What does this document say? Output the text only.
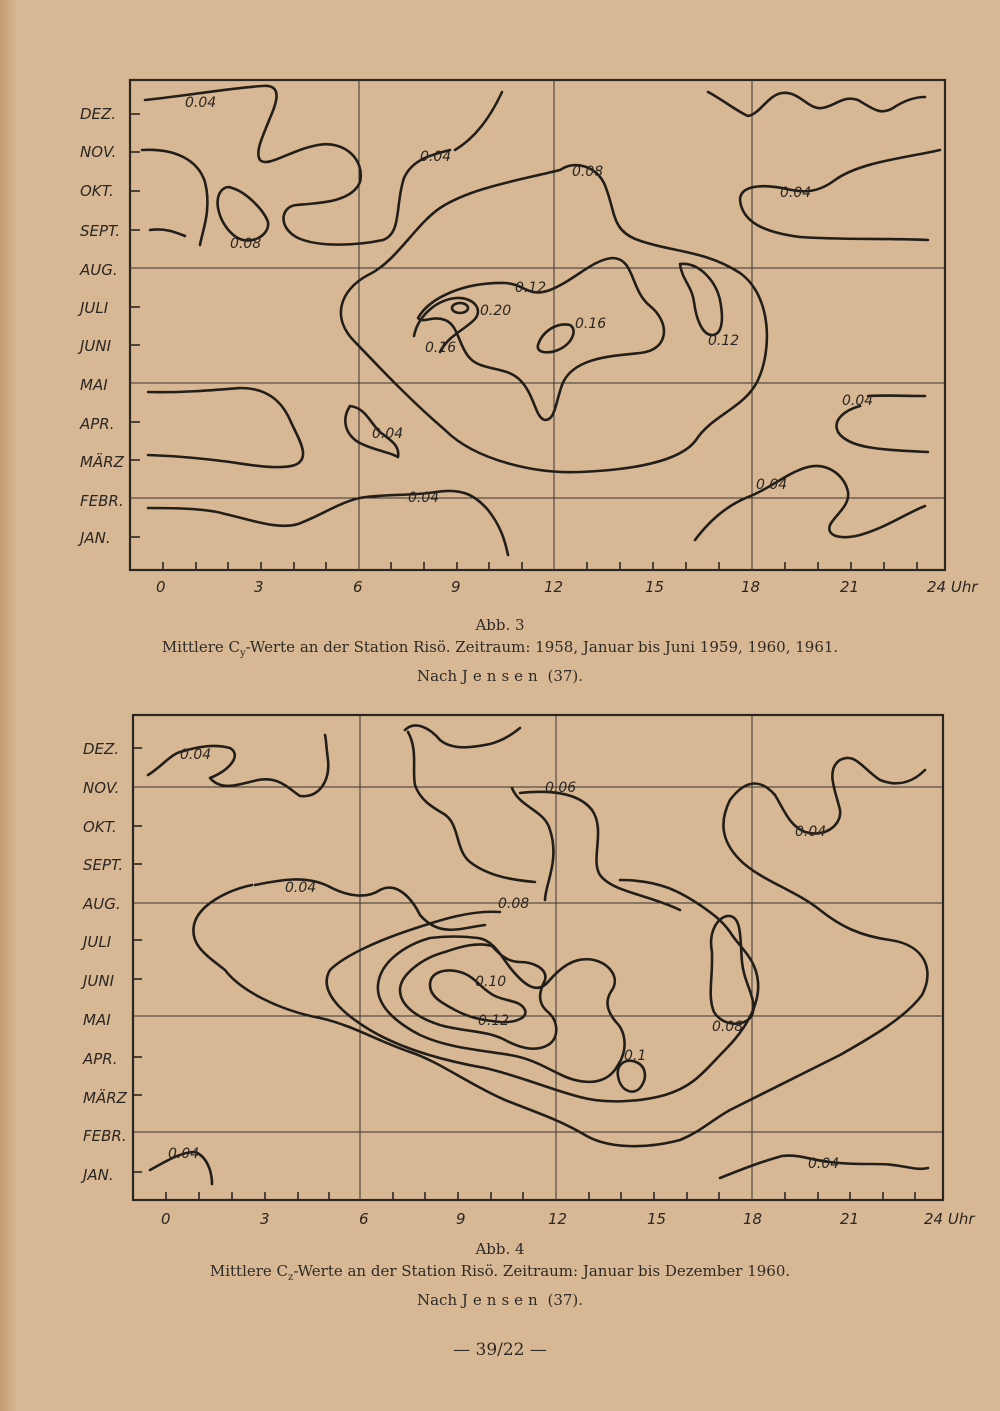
DEZ.
NOV.
OKT.
SEPT.
AUG.
JULI
JUNI
MAI
APR.
MÄRZ
FEBR.
JAN.
0	3	6	9	12	15	18	21	24 Uhr
0.04
0.04
0.08
0.08
0.04
0.12
0.20
0.16
0.16	0.12
0.04
0.04
0.04
0.04
Abb. 3
Mittlere $C_y$-Werte an der Station Risö. Zeitraum: 1958, Januar bis Juni 1959, 1960, 1961.
Nach Jensen (37).
DEZ.
NOV.
OKT.
SEPT.
AUG.
JULI
JUNI
MAI
APR.
MÄRZ
FEBR.
JAN.
0	3	6	9	12	15	18	21	24 Uhr
0.04
0.06
0.04
0.04
0.08
0.10
0.12	0.08
0.1
0.04
0.04
Abb. 4
Mittlere $C_z$-Werte an der Station Risö. Zeitraum: Januar bis Dezember 1960.
Nach Jensen (37).
— 39/22 —
